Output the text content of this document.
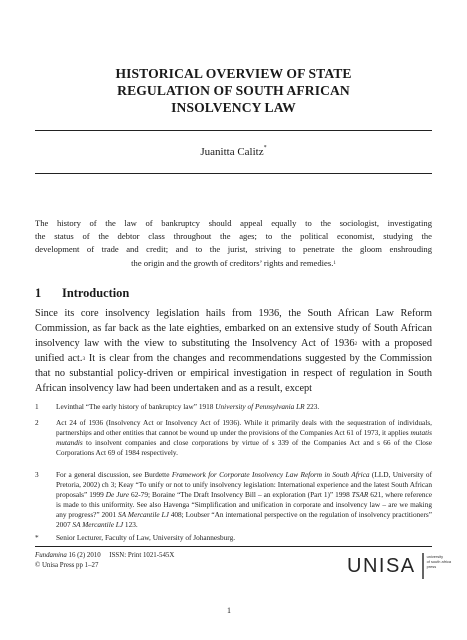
HISTORICAL OVERVIEW OF STATE
REGULATION OF SOUTH AFRICAN
INSOLVENCY LAW
Juanitta Calitz*
The history of the law of bankruptcy should appeal equally to the sociologist, investigating
the status of the debtor class throughout the ages; to the political economist, studying the
development of trade and credit; and to the jurist, striving to penetrate the gloom enshrouding
the origin and the growth of creditors’ rights and remedies.$^1$
1 Introduction
Since its core insolvency legislation hails from 1936, the South African Law Reform Commission, as far back as the late eighties, embarked on an extensive study of South African insolvency law with the view to substituting the Insolvency Act of 1936$^2$ with a proposed unified act.$^3$ It is clear from the changes and recommendations suggested by the Commission that no substantial policy-driven or empirical investigation in respect of regulation in South African insolvency law had been undertaken and as a result, except
1	Levinthal “The early history of bankruptcy law” 1918 University of Pennsylvania LR 223.
2	Act 24 of 1936 (Insolvency Act or Insolvency Act of 1936). While it primarily deals with the sequestration of individuals, partnerships and other entities that cannot be wound up under the provisions of the Companies Act 61 of 1973, it applies mutatis mutandis to insolvent companies and close corporations by virtue of s 339 of the Companies Act and s 66 of the Close Corporations Act 69 of 1984 respectively.
3	For a general discussion, see Burdette Framework for Corporate Insolvency Law Reform in South Africa (LLD, University of Pretoria, 2002) ch 3; Keay “To unify or not to unify insolvency legislation: International experience and the latest South African proposals” 1999 De Jure 62-79; Boraine “The Draft Insolvency Bill – an exploration (Part 1)” 1998 TSAR 621, where reference is made to this uniformity. See also Havenga “Simplification and unification in corporate and insolvency law – are we making any progress?” 2001 SA Mercantile LJ 408; Loubser “An international perspective on the regulation of insolvency practitioners” 2007 SA Mercantile LJ 123.
*	Senior Lecturer, Faculty of Law, University of Johannesburg.
Fundamina 16 (2) 2010     ISSN: Print 1021-545X
© Unisa Press pp 1–27	UNISA	university
of south africa
press
1
